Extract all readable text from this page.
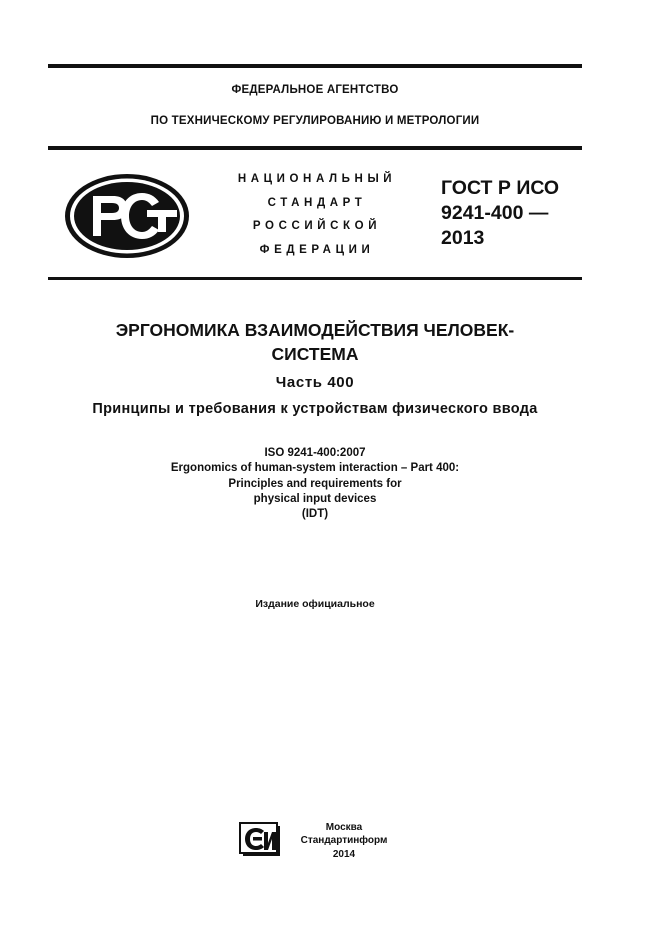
ФЕДЕРАЛЬНОЕ АГЕНТСТВО
ПО ТЕХНИЧЕСКОМУ РЕГУЛИРОВАНИЮ И МЕТРОЛОГИИ
НАЦИОНАЛЬНЫЙ
СТАНДАРТ
РОССИЙСКОЙ
ФЕДЕРАЦИИ
ГОСТ Р ИСО
9241-400 —
2013
ЭРГОНОМИКА ВЗАИМОДЕЙСТВИЯ ЧЕЛОВЕК-
СИСТЕМА
Часть 400
Принципы и требования к устройствам физического ввода
ISO 9241-400:2007
Ergonomics of human-system interaction – Part 400:
Principles and requirements for
physical input devices
(IDT)
Издание официальное
Москва
Стандартинформ
2014
